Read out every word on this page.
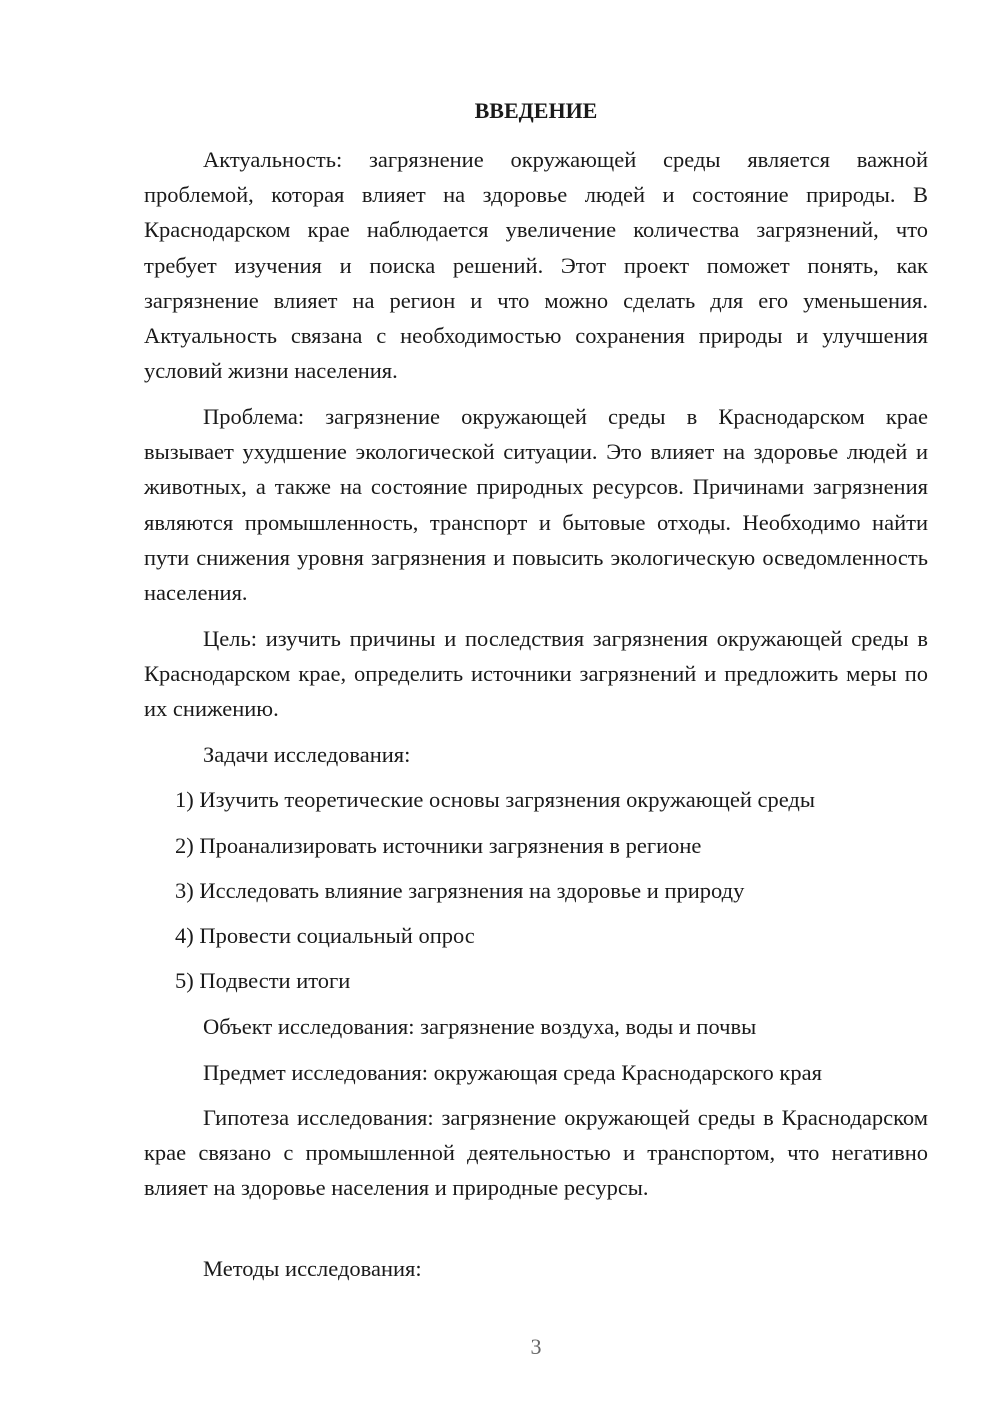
ВВЕДЕНИЕ

Актуальность: загрязнение окружающей среды является важной проблемой, которая влияет на здоровье людей и состояние природы. В Краснодарском крае наблюдается увеличение количества загрязнений, что требует изучения и поиска решений. Этот проект поможет понять, как загрязнение влияет на регион и что можно сделать для его уменьшения. Актуальность связана с необходимостью сохранения природы и улучшения условий жизни населения.

Проблема: загрязнение окружающей среды в Краснодарском крае вызывает ухудшение экологической ситуации. Это влияет на здоровье людей и животных, а также на состояние природных ресурсов. Причинами загрязнения являются промышленность, транспорт и бытовые отходы. Необходимо найти пути снижения уровня загрязнения и повысить экологическую осведомленность населения.

Цель: изучить причины и последствия загрязнения окружающей среды в Краснодарском крае, определить источники загрязнений и предложить меры по их снижению.

Задачи исследования:

1) Изучить теоретические основы загрязнения окружающей среды

2) Проанализировать источники загрязнения в регионе

3) Исследовать влияние загрязнения на здоровье и природу

4) Провести социальный опрос

5) Подвести итоги

Объект исследования: загрязнение воздуха, воды и почвы

Предмет исследования: окружающая среда Краснодарского края

Гипотеза исследования: загрязнение окружающей среды в Краснодарском крае связано с промышленной деятельностью и транспортом, что негативно влияет на здоровье населения и природные ресурсы.

Методы исследования:

3
